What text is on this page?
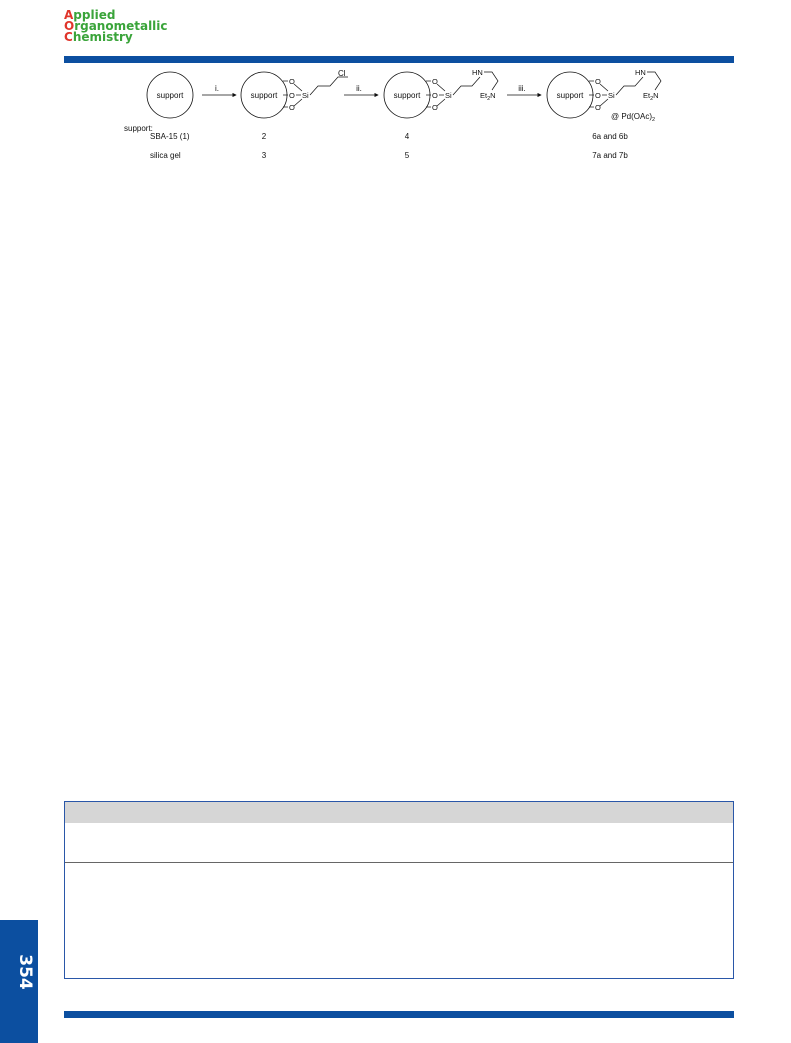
Applied
Organometallic
Chemistry
support
i.
support
O
O
O
Si
Cl
ii.
support
O
O
O
Si
HN
$Et_2N$
iii.
support
O
O
O
Si
HN
$Et_2N$
@ $Pd(OAc)_2$
support:
SBA-15 (1)	2	4	6a and 6b
silica gel	3	5	7a and 7b
354
